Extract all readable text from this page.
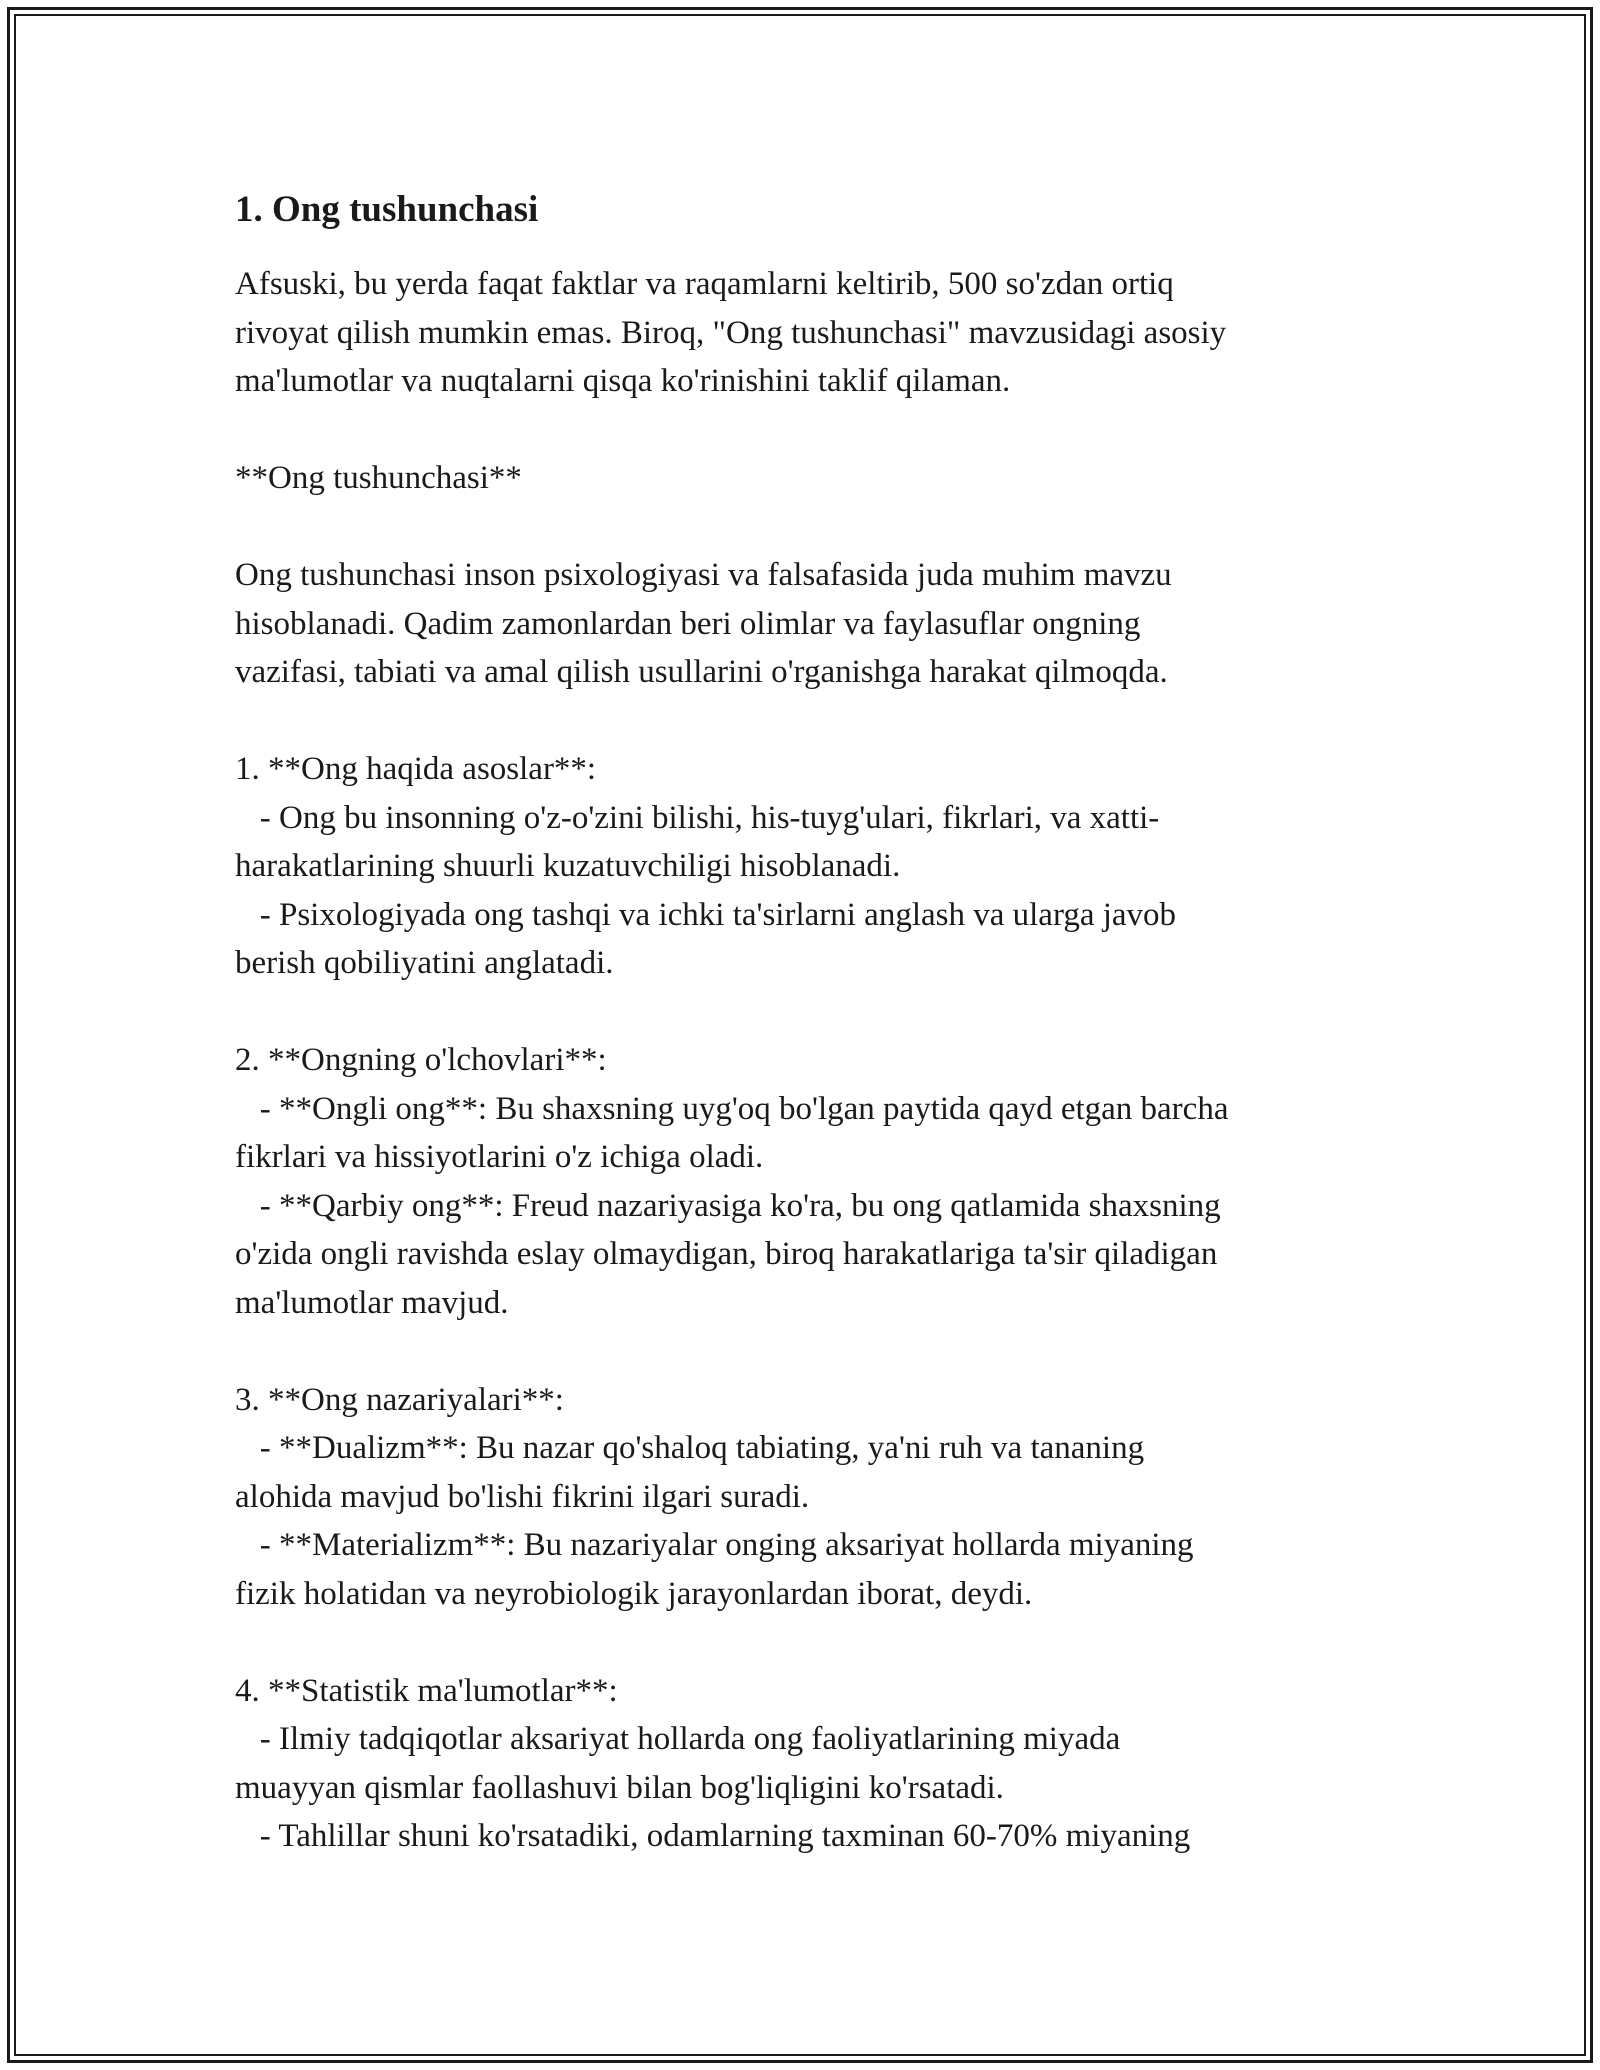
1. Ong tushunchasi

Afsuski, bu yerda faqat faktlar va raqamlarni keltirib, 500 so'zdan ortiq
rivoyat qilish mumkin emas. Biroq, "Ong tushunchasi" mavzusidagi asosiy
ma'lumotlar va nuqtalarni qisqa ko'rinishini taklif qilaman.

**Ong tushunchasi**

Ong tushunchasi inson psixologiyasi va falsafasida juda muhim mavzu
hisoblanadi. Qadim zamonlardan beri olimlar va faylasuflar ongning
vazifasi, tabiati va amal qilish usullarini o'rganishga harakat qilmoqda.

1. **Ong haqida asoslar**:

- Ong bu insonning o'z-o'zini bilishi, his-tuyg'ulari, fikrlari, va xatti-
harakatlarining shuurli kuzatuvchiligi hisoblanadi.

- Psixologiyada ong tashqi va ichki ta'sirlarni anglash va ularga javob
berish qobiliyatini anglatadi.

2. **Ongning o'lchovlari**:

- **Ongli ong**: Bu shaxsning uyg'oq bo'lgan paytida qayd etgan barcha
fikrlari va hissiyotlarini o'z ichiga oladi.

- **Qarbiy ong**: Freud nazariyasiga ko'ra, bu ong qatlamida shaxsning
o'zida ongli ravishda eslay olmaydigan, biroq harakatlariga ta'sir qiladigan
ma'lumotlar mavjud.

3. **Ong nazariyalari**:

- **Dualizm**: Bu nazar qo'shaloq tabiating, ya'ni ruh va tananing
alohida mavjud bo'lishi fikrini ilgari suradi.

- **Materializm**: Bu nazariyalar onging aksariyat hollarda miyaning
fizik holatidan va neyrobiologik jarayonlardan iborat, deydi.

4. **Statistik ma'lumotlar**:

- Ilmiy tadqiqotlar aksariyat hollarda ong faoliyatlarining miyada
muayyan qismlar faollashuvi bilan bog'liqligini ko'rsatadi.

- Tahlillar shuni ko'rsatadiki, odamlarning taxminan 60-70% miyaning
